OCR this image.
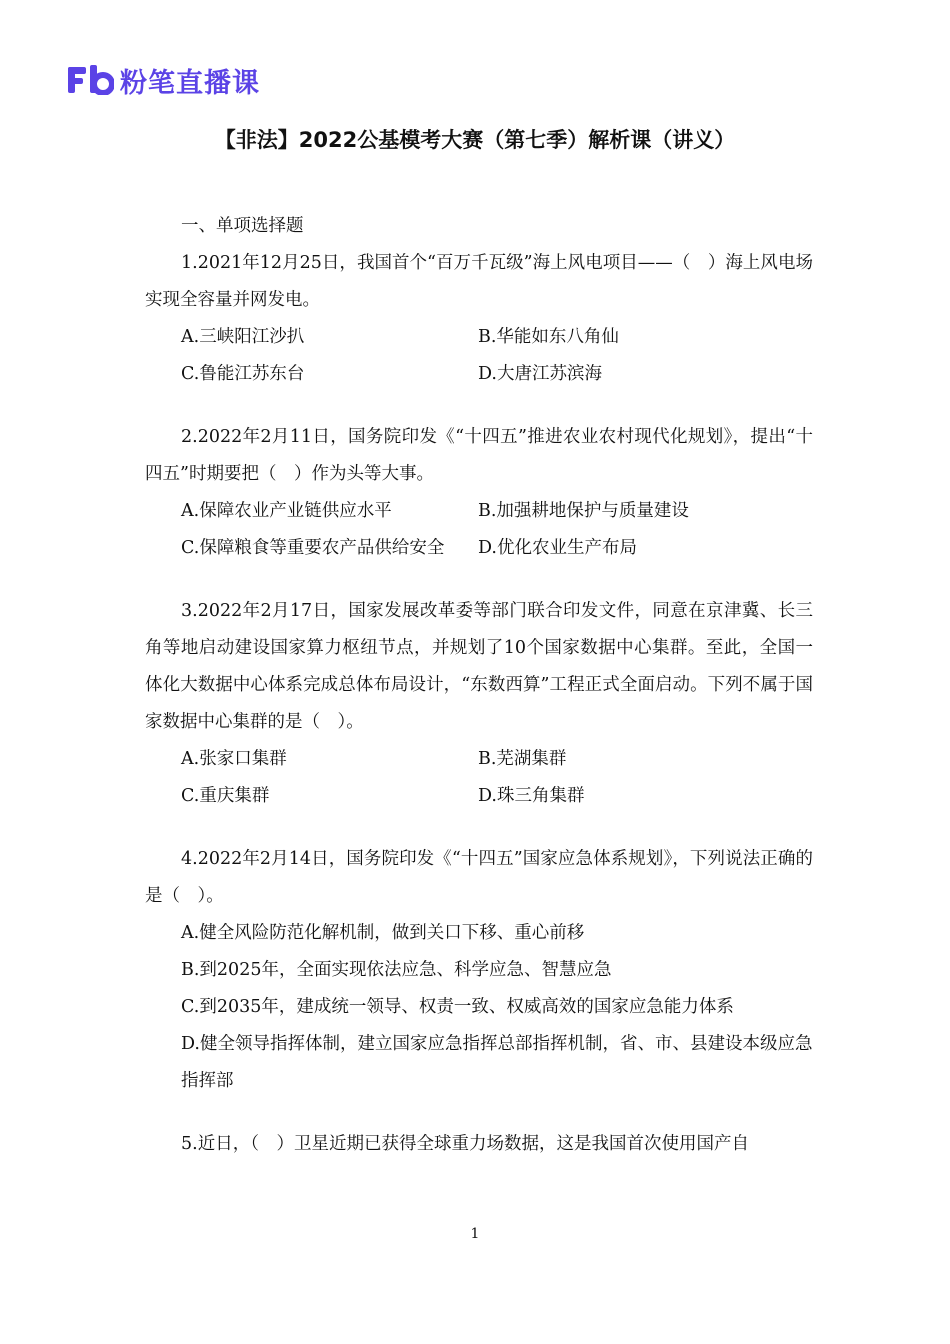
粉笔直播课
【非法】2022公基模考大赛（第七季）解析课（讲义）

一、单项选择题

1.2021年12月25日，我国首个“百万千瓦级”海上风电项目——（　）海上风电场实现全容量并网发电。

A.三峡阳江沙扒	B.华能如东八角仙
C.鲁能江苏东台	D.大唐江苏滨海

2.2022年2月11日，国务院印发《“十四五”推进农业农村现代化规划》，提出“十四五”时期要把（　）作为头等大事。

A.保障农业产业链供应水平	B.加强耕地保护与质量建设
C.保障粮食等重要农产品供给安全	D.优化农业生产布局

3.2022年2月17日，国家发展改革委等部门联合印发文件，同意在京津冀、长三角等地启动建设国家算力枢纽节点，并规划了10个国家数据中心集群。至此，全国一体化大数据中心体系完成总体布局设计，“东数西算”工程正式全面启动。下列不属于国家数据中心集群的是（　）。

A.张家口集群	B.芜湖集群
C.重庆集群	D.珠三角集群

4.2022年2月14日，国务院印发《“十四五”国家应急体系规划》，下列说法正确的是（　）。

A.健全风险防范化解机制，做到关口下移、重心前移
B.到2025年，全面实现依法应急、科学应急、智慧应急
C.到2035年，建成统一领导、权责一致、权威高效的国家应急能力体系
D.健全领导指挥体制，建立国家应急指挥总部指挥机制，省、市、县建设本级应急指挥部

5.近日，（　）卫星近期已获得全球重力场数据，这是我国首次使用国产自

1
